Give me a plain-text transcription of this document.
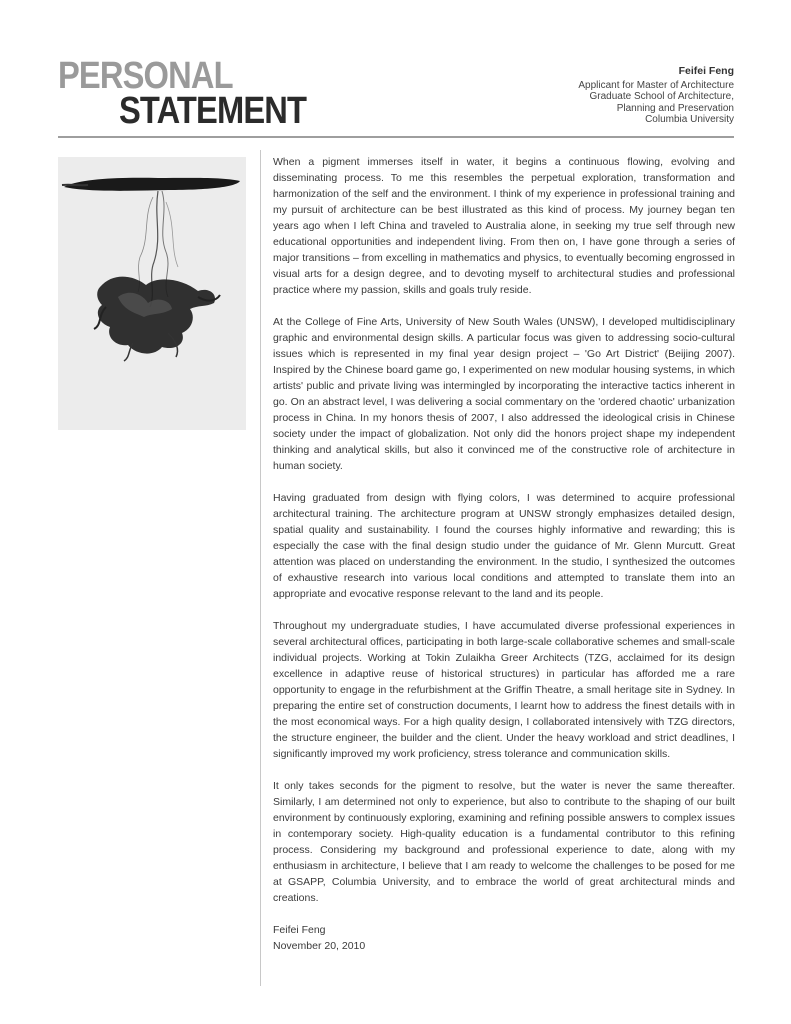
PERSONAL
STATEMENT
Feifei Feng
Applicant for Master of Architecture
Graduate School of Architecture,
Planning and Preservation
Columbia University

When a pigment immerses itself in water, it begins a continuous flowing, evolving and disseminating process. To me this resembles the perpetual exploration, transformation and harmonization of the self and the environment. I think of my experience in professional training and my pursuit of architecture can be best illustrated as this kind of process. My journey began ten years ago when I left China and traveled to Australia alone, in seeking my true self through new educational opportunities and independent living. From then on, I have gone through a series of major transitions – from excelling in mathematics and physics, to eventually becoming engrossed in visual arts for a design degree, and to devoting myself to architectural studies and professional practice where my passion, skills and goals truly reside.

At the College of Fine Arts, University of New South Wales (UNSW), I developed multidisciplinary graphic and environmental design skills. A particular focus was given to addressing socio-cultural issues which is represented in my final year design project – 'Go Art District' (Beijing 2007). Inspired by the Chinese board game go, I experimented on new modular housing systems, in which artists' public and private living was intermingled by incorporating the interactive tactics inherent in go. On an abstract level, I was delivering a social commentary on the 'ordered chaotic' urbanization process in China. In my honors thesis of 2007, I also addressed the ideological crisis in Chinese society under the impact of globalization. Not only did the honors project shape my independent thinking and analytical skills, but also it convinced me of the constructive role of architecture in human society.

Having graduated from design with flying colors, I was determined to acquire professional architectural training. The architecture program at UNSW strongly emphasizes detailed design, spatial quality and sustainability. I found the courses highly informative and rewarding; this is especially the case with the final design studio under the guidance of Mr. Glenn Murcutt. Great attention was placed on understanding the environment. In the studio, I synthesized the outcomes of exhaustive research into various local conditions and attempted to translate them into an appropriate and evocative response relevant to the land and its people.

Throughout my undergraduate studies, I have accumulated diverse professional experiences in several architectural offices, participating in both large-scale collaborative schemes and small-scale individual projects. Working at Tokin Zulaikha Greer Architects (TZG, acclaimed for its design excellence in adaptive reuse of historical structures) in particular has afforded me a rare opportunity to engage in the refurbishment at the Griffin Theatre, a small heritage site in Sydney. In preparing the entire set of construction documents, I learnt how to address the finest details with in the most economical ways. For a high quality design, I collaborated intensively with TZG directors, the structure engineer, the builder and the client. Under the heavy workload and strict deadlines, I significantly improved my work proficiency, stress tolerance and communication skills.

It only takes seconds for the pigment to resolve, but the water is never the same thereafter. Similarly, I am determined not only to experience, but also to contribute to the shaping of our built environment by continuously exploring, examining and refining possible answers to complex issues in contemporary society. High-quality education is a fundamental contributor to this refining process. Considering my background and professional experience to date, along with my enthusiasm in architecture, I believe that I am ready to welcome the challenges to be posed for me at GSAPP, Columbia University, and to embrace the world of great architectural minds and creations.

Feifei Feng
November 20, 2010
